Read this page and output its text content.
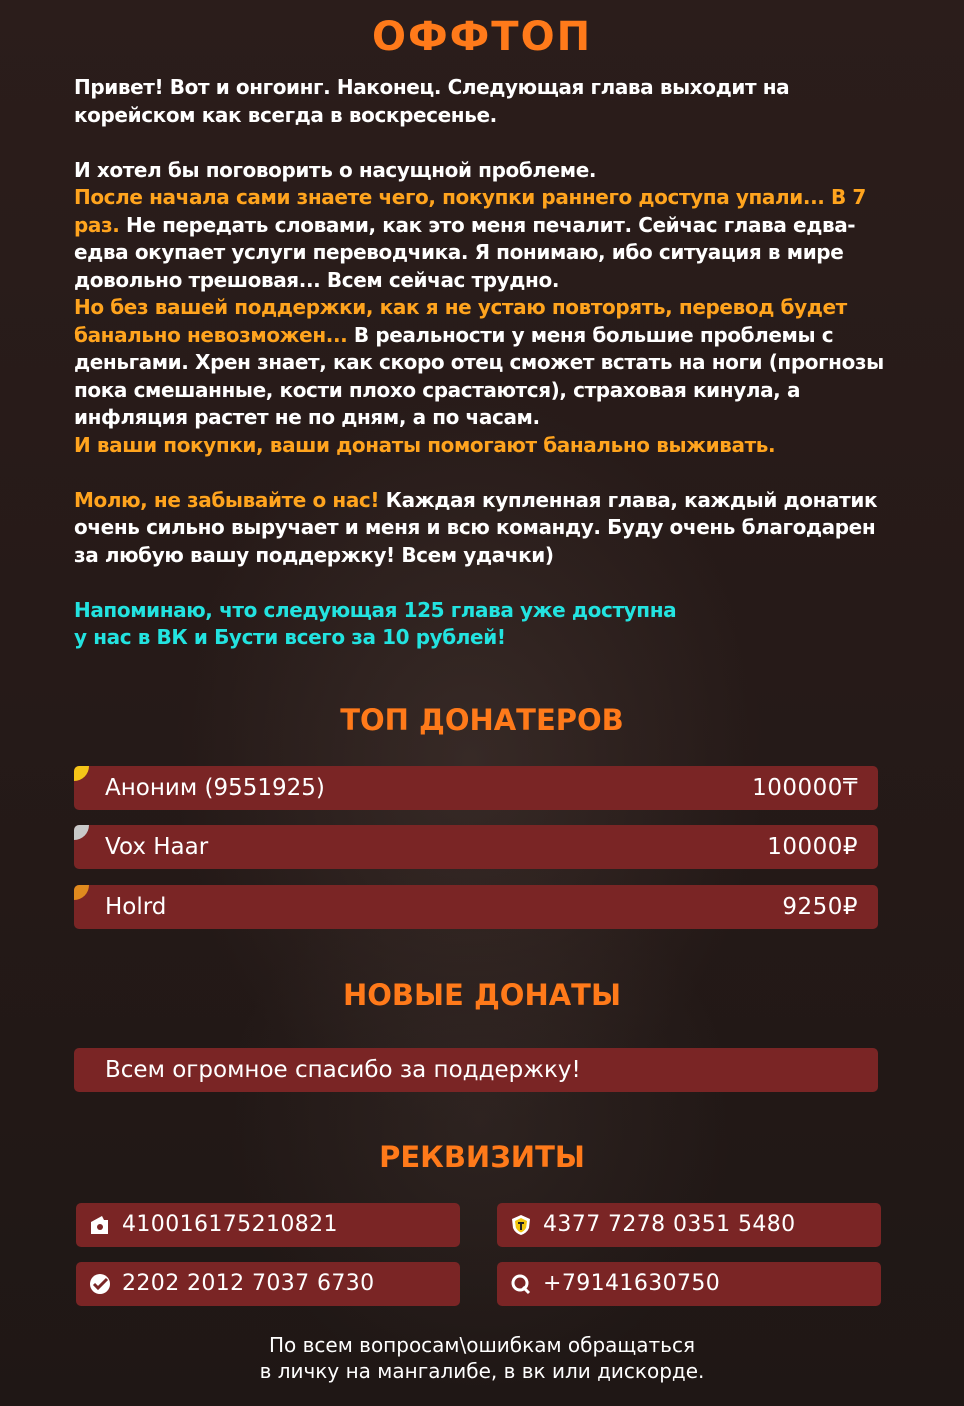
ОФФТОП

Привет! Вот и онгоинг. Наконец. Следующая глава выходит на корейском как всегда в воскресенье.

И хотел бы поговорить о насущной проблеме.
После начала сами знаете чего, покупки раннего доступа упали... В 7 раз. Не передать словами, как это меня печалит. Сейчас глава едва-едва окупает услуги переводчика. Я понимаю, ибо ситуация в мире довольно трешовая... Всем сейчас трудно.
Но без вашей поддержки, как я не устаю повторять, перевод будет банально невозможен... В реальности у меня большие проблемы с деньгами. Хрен знает, как скоро отец сможет встать на ноги (прогнозы пока смешанные, кости плохо срастаются), страховая кинула, а инфляция растет не по дням, а по часам.
И ваши покупки, ваши донаты помогают банально выживать.

Молю, не забывайте о нас! Каждая купленная глава, каждый донатик очень сильно выручает и меня и всю команду. Буду очень благодарен за любую вашу поддержку! Всем удачки)

Напоминаю, что следующая 125 глава уже доступна
у нас в ВК и Бусти всего за 10 рублей!

ТОП ДОНАТЕРОВ
Аноним (9551925)	100000₸
Vox Haar	10000₽
Holrd	9250₽
НОВЫЕ ДОНАТЫ
Всем огромное спасибо за поддержку!
РЕКВИЗИТЫ
410016175210821	4377 7278 0351 5480
2202 2012 7037 6730	+79141630750
По всем вопросам\ошибкам обращаться
в личку на мангалибе, в вк или дискорде.
